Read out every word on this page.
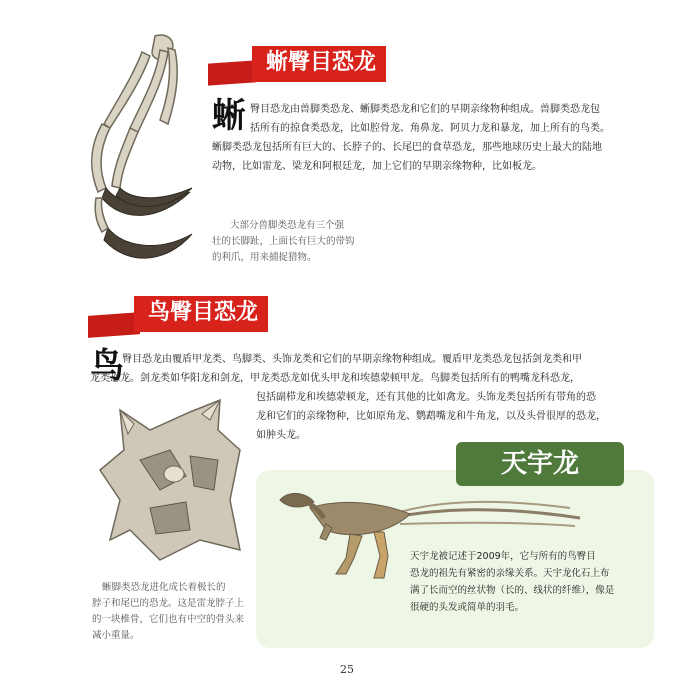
蜥臀目恐龙
蜥 臀目恐龙由兽脚类恐龙、蜥脚类恐龙和它们的早期亲缘物种组成。兽脚类恐龙包
括所有的掠食类恐龙，比如腔骨龙、角鼻龙、阿贝力龙和暴龙，加上所有的鸟类。
蜥脚类恐龙包括所有巨大的、长脖子的、长尾巴的食草恐龙，那些地球历史上最大的陆地
动物，比如雷龙、梁龙和阿根廷龙，加上它们的早期亲缘物种，比如板龙。
大部分兽脚类恐龙有三个强
壮的长脚趾，上面长有巨大的带钩
的利爪，用来捕捉猎物。
鸟臀目恐龙
鸟
臀目恐龙由覆盾甲龙类、鸟脚类、头饰龙类和它们的早期亲缘物种组成。覆盾甲龙类恐龙包括剑龙类和甲
龙类恐龙。剑龙类如华阳龙和剑龙，甲龙类恐龙如优头甲龙和埃德蒙顿甲龙。鸟脚类包括所有的鸭嘴龙科恐龙，
包括副栉龙和埃德蒙顿龙，还有其他的比如禽龙。头饰龙类包括所有带角的恐
龙和它们的亲缘物种，比如原角龙、鹦鹉嘴龙和牛角龙，以及头骨很厚的恐龙，
如肿头龙。
蜥脚类恐龙进化成长着极长的
脖子和尾巴的恐龙。这是雷龙脖子上
的一块椎骨，它们也有中空的骨头来
减小重量。
天宇龙
天宇龙被记述于2009年，它与所有的鸟臀目
恐龙的祖先有紧密的亲缘关系。天宇龙化石上布
满了长而空的丝状物（长的、线状的纤维），像是
很硬的头发或简单的羽毛。
25
